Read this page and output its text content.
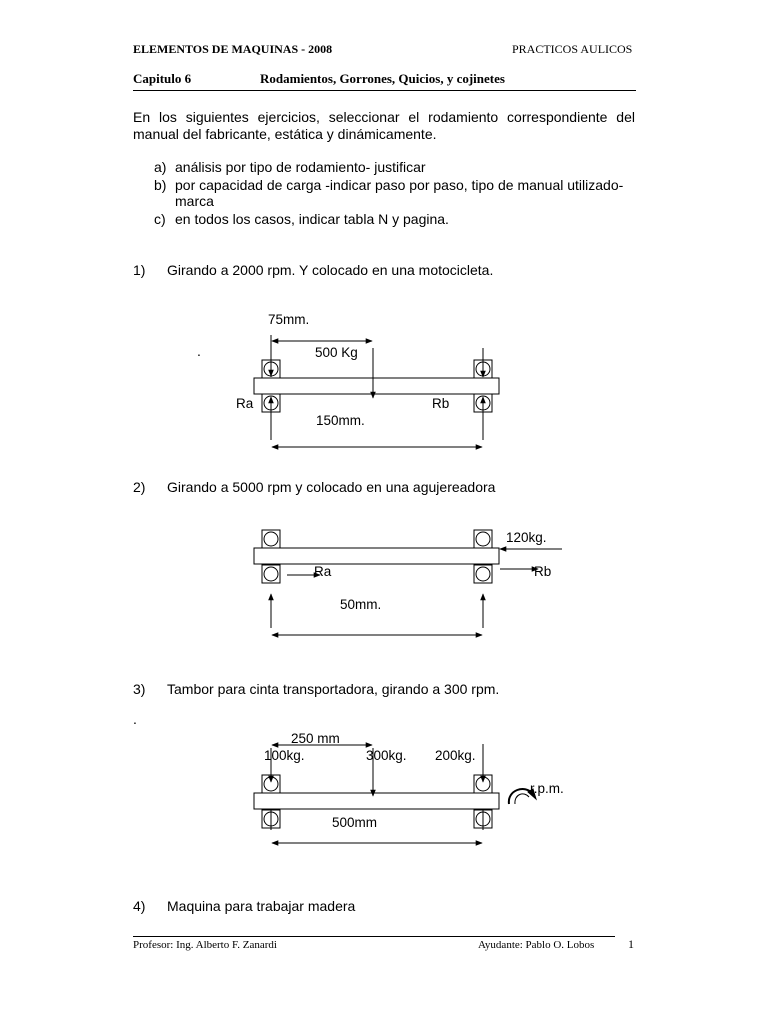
ELEMENTOS DE MAQUINAS - 2008	PRACTICOS AULICOS
Capitulo 6	Rodamientos, Gorrones, Quicios, y cojinetes
En los siguientes ejercicios, seleccionar el rodamiento correspondiente del manual del fabricante, estática y dinámicamente.
a) análisis por tipo de rodamiento- justificar
b) por capacidad de carga -indicar paso por paso, tipo de manual utilizado-
marca
c) en todos los casos, indicar tabla N y pagina.
1) Girando a 2000 rpm. Y colocado en una motocicleta.
.
2) Girando a 5000 rpm y colocado en una agujereadora
3) Tambor para cinta transportadora, girando a 300 rpm.
.
4) Maquina para trabajar madera
75mm.
500 Kg
Ra	Rb
150mm.
120kg.
Ra	Rb
50mm.
250 mm
100kg.	300kg. 200kg.
r.p.m.
500mm
Profesor: Ing. Alberto F. Zanardi	Ayudante: Pablo O. Lobos	1
